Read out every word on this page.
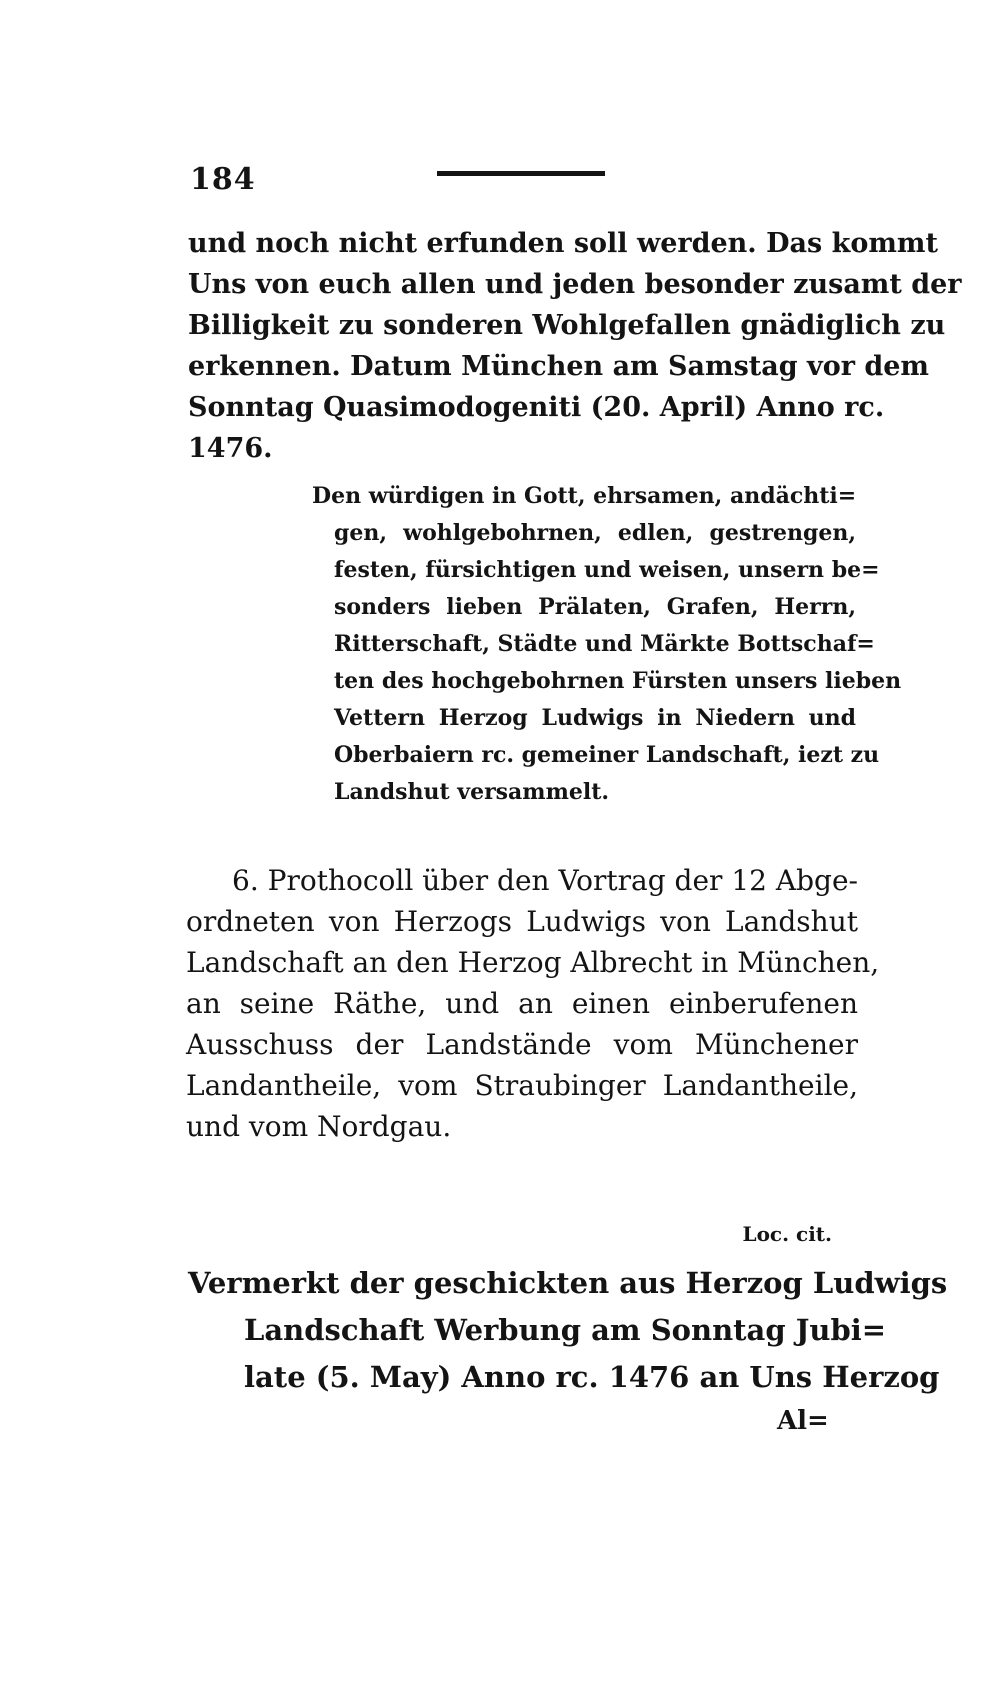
184
und noch nicht erfunden soll werden. Das kommt
Uns von euch allen und jeden besonder zusamt der
Billigkeit zu sonderen Wohlgefallen gnädiglich zu
erkennen. Datum München am Samstag vor dem
Sonntag Quasimodogeniti (20. April) Anno rc.
1476.
Den würdigen in Gott, ehrsamen, andächti=
gen, wohlgebohrnen, edlen, gestrengen,
festen, fürsichtigen und weisen, unsern be=
sonders lieben Prälaten, Grafen, Herrn,
Ritterschaft, Städte und Märkte Bottschaf=
ten des hochgebohrnen Fürsten unsers lieben
Vettern Herzog Ludwigs in Niedern und
Oberbaiern rc. gemeiner Landschaft, iezt zu
Landshut versammelt.
6. Prothocoll über den Vortrag der 12 Abge-
ordneten von Herzogs Ludwigs von Landshut
Landschaft an den Herzog Albrecht in München,
an seine Räthe, und an einen einberufenen
Ausschuss der Landstände vom Münchener
Landantheile, vom Straubinger Landantheile,
und vom Nordgau.
Loc. cit.
Vermerkt der geschickten aus Herzog Ludwigs
Landschaft Werbung am Sonntag Jubi=
late (5. May) Anno rc. 1476 an Uns Herzog
Al=
